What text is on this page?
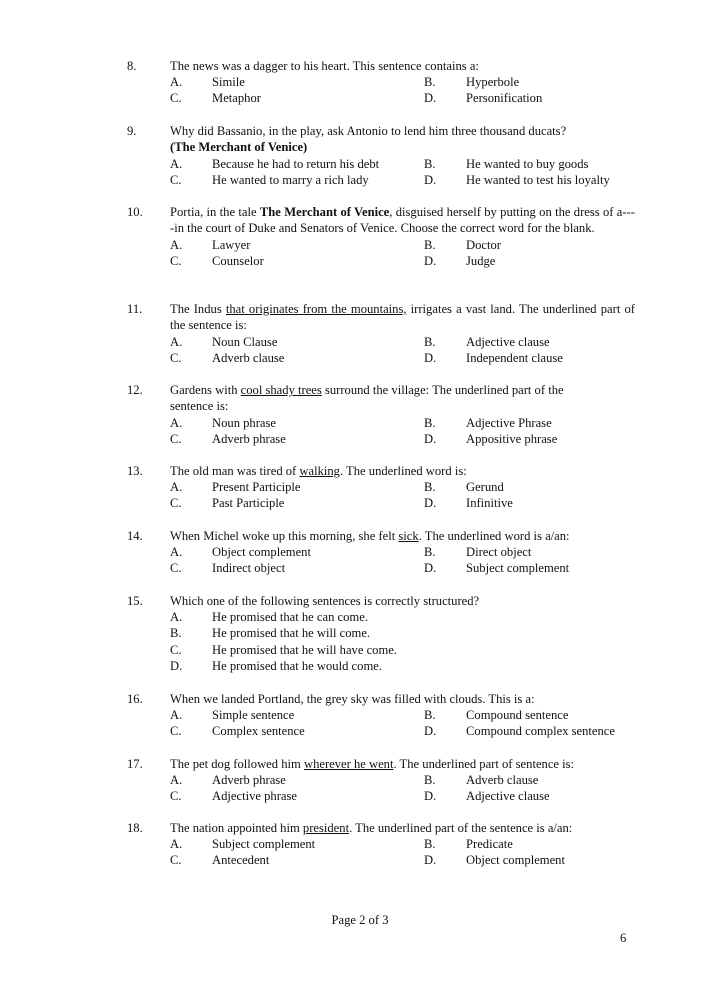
8.	The news was a dagger to his heart. This sentence contains a:

A. Simile	B. Hyperbole
C. Metaphor	D. Personification
9.	Why did Bassanio, in the play, ask Antonio to lend him three thousand ducats?

(The Merchant of Venice)

A. Because he had to return his debt	B. He wanted to buy goods
C. He wanted to marry a rich lady	D. He wanted to test his loyalty
10. Portia, in the tale The Merchant of Venice, disguised herself by putting on the dress of a----in the court of Duke and Senators of Venice. Choose the correct word for the blank.

A. Lawyer	B. Doctor
C. Counselor	D. Judge
11. The Indus that originates from the mountains, irrigates a vast land. The underlined part of the sentence is:

A. Noun Clause	B. Adjective clause
C. Adverb clause	D. Independent clause
12. Gardens with cool shady trees surround the village: The underlined part of the

sentence is:

A. Noun phrase	B. Adjective Phrase
C. Adverb phrase	D. Appositive phrase
13. The old man was tired of walking. The underlined word is:

A. Present Participle	B. Gerund
C. Past Participle	D. Infinitive
14. When Michel woke up this morning, she felt sick. The underlined word is a/an:

A. Object complement	B. Direct object
C. Indirect object	D. Subject complement
15. Which one of the following sentences is correctly structured?

A. He promised that he can come.
B. He promised that he will come.
C. He promised that he will have come.
D. He promised that he would come.
16. When we landed Portland, the grey sky was filled with clouds. This is a:

A. Simple sentence	B. Compound sentence
C. Complex sentence	D. Compound complex sentence
17. The pet dog followed him wherever he went. The underlined part of sentence is:

A. Adverb phrase	B. Adverb clause
C. Adjective phrase	D. Adjective clause
18. The nation appointed him president. The underlined part of the sentence is a/an:

A. Subject complement	B. Predicate
C. Antecedent	D. Object complement
Page 2 of 3
6
